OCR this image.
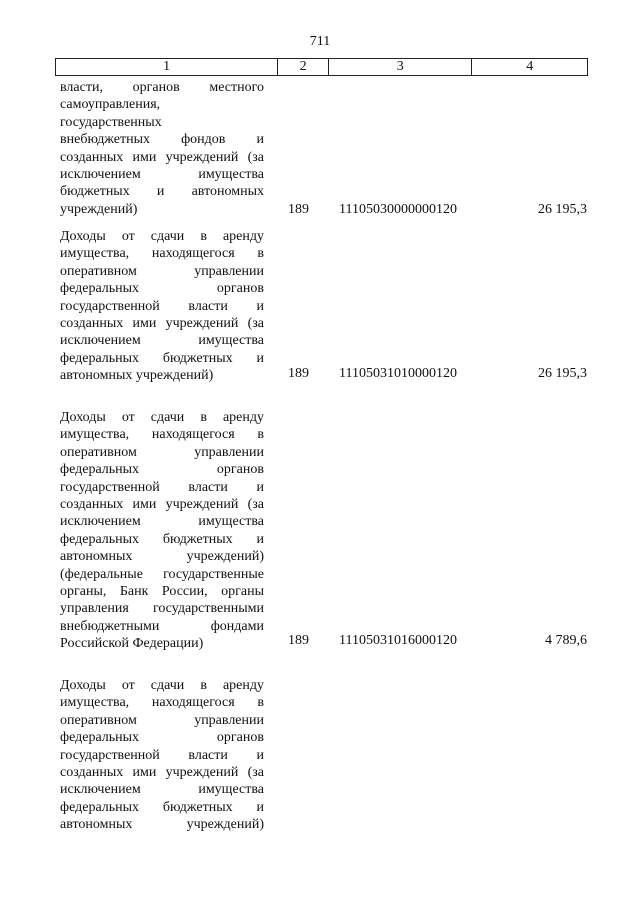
711
1	2	3	4
власти, органов местного
самоуправления,
государственных
внебюджетных фондов и
созданных ими учреждений (за
исключением имущества
бюджетных и автономных
учреждений)	189 11105030000000120	26 195,3
Доходы от сдачи в аренду
имущества, находящегося в
оперативном управлении
федеральных органов
государственной власти и
созданных ими учреждений (за
исключением имущества
федеральных бюджетных и
автономных учреждений)	189 11105031010000120	26 195,3
Доходы от сдачи в аренду
имущества, находящегося в
оперативном управлении
федеральных органов
государственной власти и
созданных ими учреждений (за
исключением имущества
федеральных бюджетных и
автономных учреждений)
(федеральные государственные
органы, Банк России, органы
управления государственными
внебюджетными фондами
Российской Федерации)	189 11105031016000120	4 789,6
Доходы от сдачи в аренду
имущества, находящегося в
оперативном управлении
федеральных органов
государственной власти и
созданных ими учреждений (за
исключением имущества
федеральных бюджетных и
автономных учреждений)
